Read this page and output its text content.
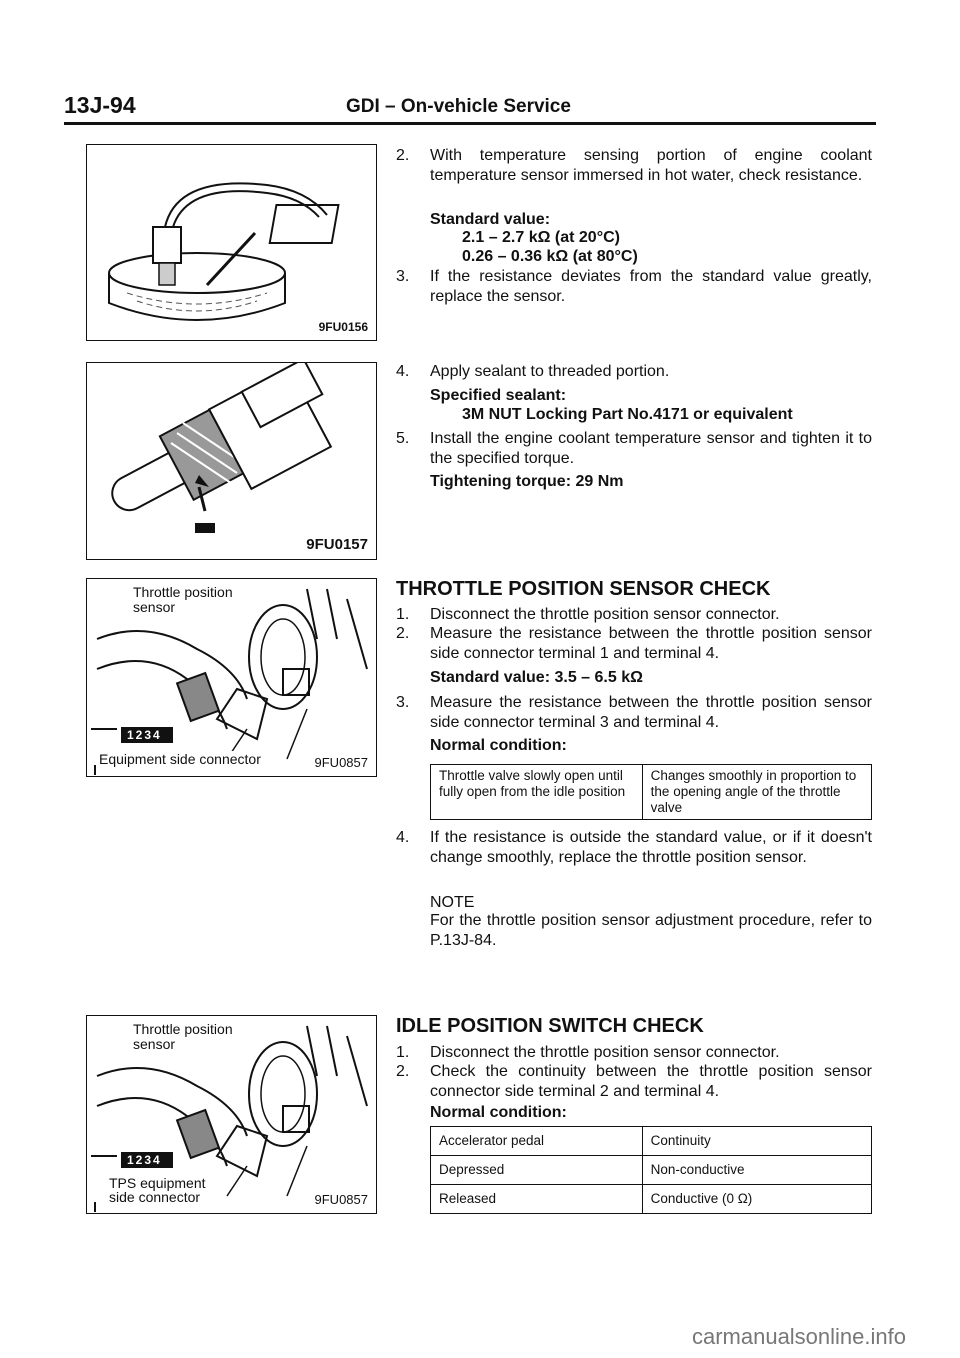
13J-94	GDI – On-vehicle Service
9FU0156
9FU0157
Throttle position
sensor
1234
Equipment side connector	9FU0857
Throttle position
sensor
1234
TPS equipment
side connector	9FU0857
2. With temperature sensing portion of engine coolant temperature sensor immersed in hot water, check resistance.
Standard value:
2.1 – 2.7 kΩ (at 20°C)
0.26 – 0.36 kΩ (at 80°C)
3. If the resistance deviates from the standard value greatly, replace the sensor.
4. Apply sealant to threaded portion.
Specified sealant:
3M NUT Locking Part No.4171 or equivalent
5. Install the engine coolant temperature sensor and tighten it to the specified torque.
Tightening torque: 29 Nm
THROTTLE POSITION SENSOR CHECK
1. Disconnect the throttle position sensor connector.
2. Measure the resistance between the throttle position sensor side connector terminal 1 and terminal 4.
Standard value: 3.5 – 6.5 kΩ
3. Measure the resistance between the throttle position sensor side connector terminal 3 and terminal 4.
Normal condition:
Throttle valve slowly open until fully open from the idle position	Changes smoothly in proportion to the opening angle of the throttle valve
4. If the resistance is outside the standard value, or if it doesn't change smoothly, replace the throttle position sensor.
NOTE
For the throttle position sensor adjustment procedure, refer to P.13J-84.
IDLE POSITION SWITCH CHECK
1. Disconnect the throttle position sensor connector.
2. Check the continuity between the throttle position sensor connector side terminal 2 and terminal 4.
Normal condition:
Accelerator pedal	Continuity
Depressed	Non-conductive
Released	Conductive (0 Ω)
carmanualsonline.info
